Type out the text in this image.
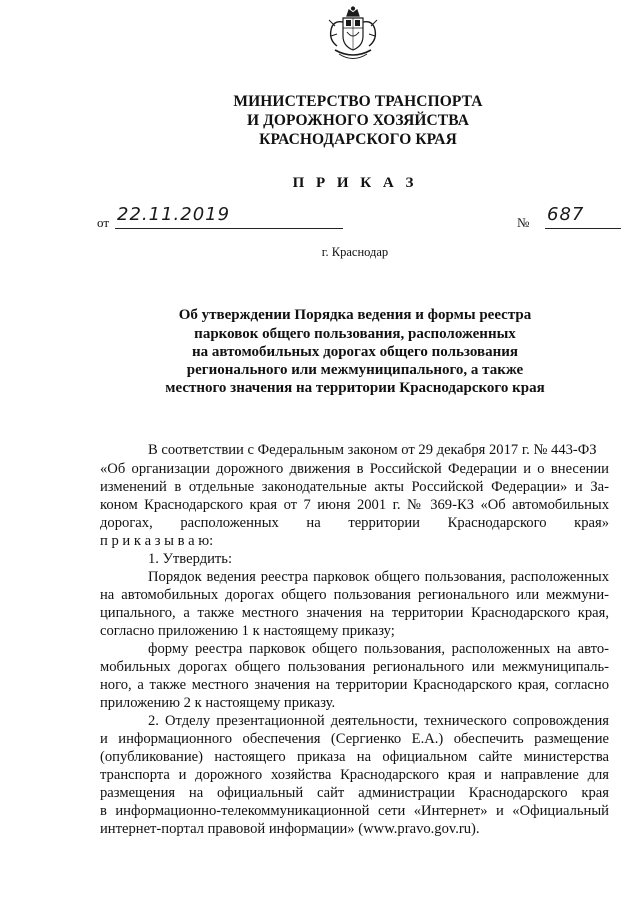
МИНИСТЕРСТВО ТРАНСПОРТА
И ДОРОЖНОГО ХОЗЯЙСТВА
КРАСНОДАРСКОГО КРАЯ
П Р И К А З
от 22.11.2019	№ 687
г. Краснодар
Об утверждении Порядка ведения и формы реестра
парковок общего пользования, расположенных
на автомобильных дорогах общего пользования
регионального или межмуниципального, а также
местного значения на территории Краснодарского края
В соответствии с Федеральным законом от 29 декабря 2017 г. № 443-ФЗ
«Об организации дорожного движения в Российской Федерации и о внесении
изменений в отдельные законодательные акты Российской Федерации» и За-
коном Краснодарского края от 7 июня 2001 г. № 369-КЗ «Об автомобильных
дорогах,     расположенных     на     территории     Краснодарского     края»
п р и к а з ы в а ю:
1. Утвердить:
Порядок ведения реестра парковок общего пользования, расположенных
на автомобильных дорогах общего пользования регионального или межмуни-
ципального, а также местного значения на территории Краснодарского края,
согласно приложению 1 к настоящему приказу;
форму реестра парковок общего пользования, расположенных на авто-
мобильных дорогах общего пользования регионального или межмуниципаль-
ного, а также местного значения на территории Краснодарского края, согласно
приложению 2 к настоящему приказу.
2. Отделу презентационной деятельности, технического сопровождения
и информационного обеспечения (Сергиенко Е.А.) обеспечить размещение
(опубликование) настоящего приказа на официальном сайте министерства
транспорта и дорожного хозяйства Краснодарского края и направление для
размещения на официальный сайт администрации Краснодарского края
в информационно-телекоммуникационной сети «Интернет» и «Официальный
интернет-портал правовой информации» (www.pravo.gov.ru).
